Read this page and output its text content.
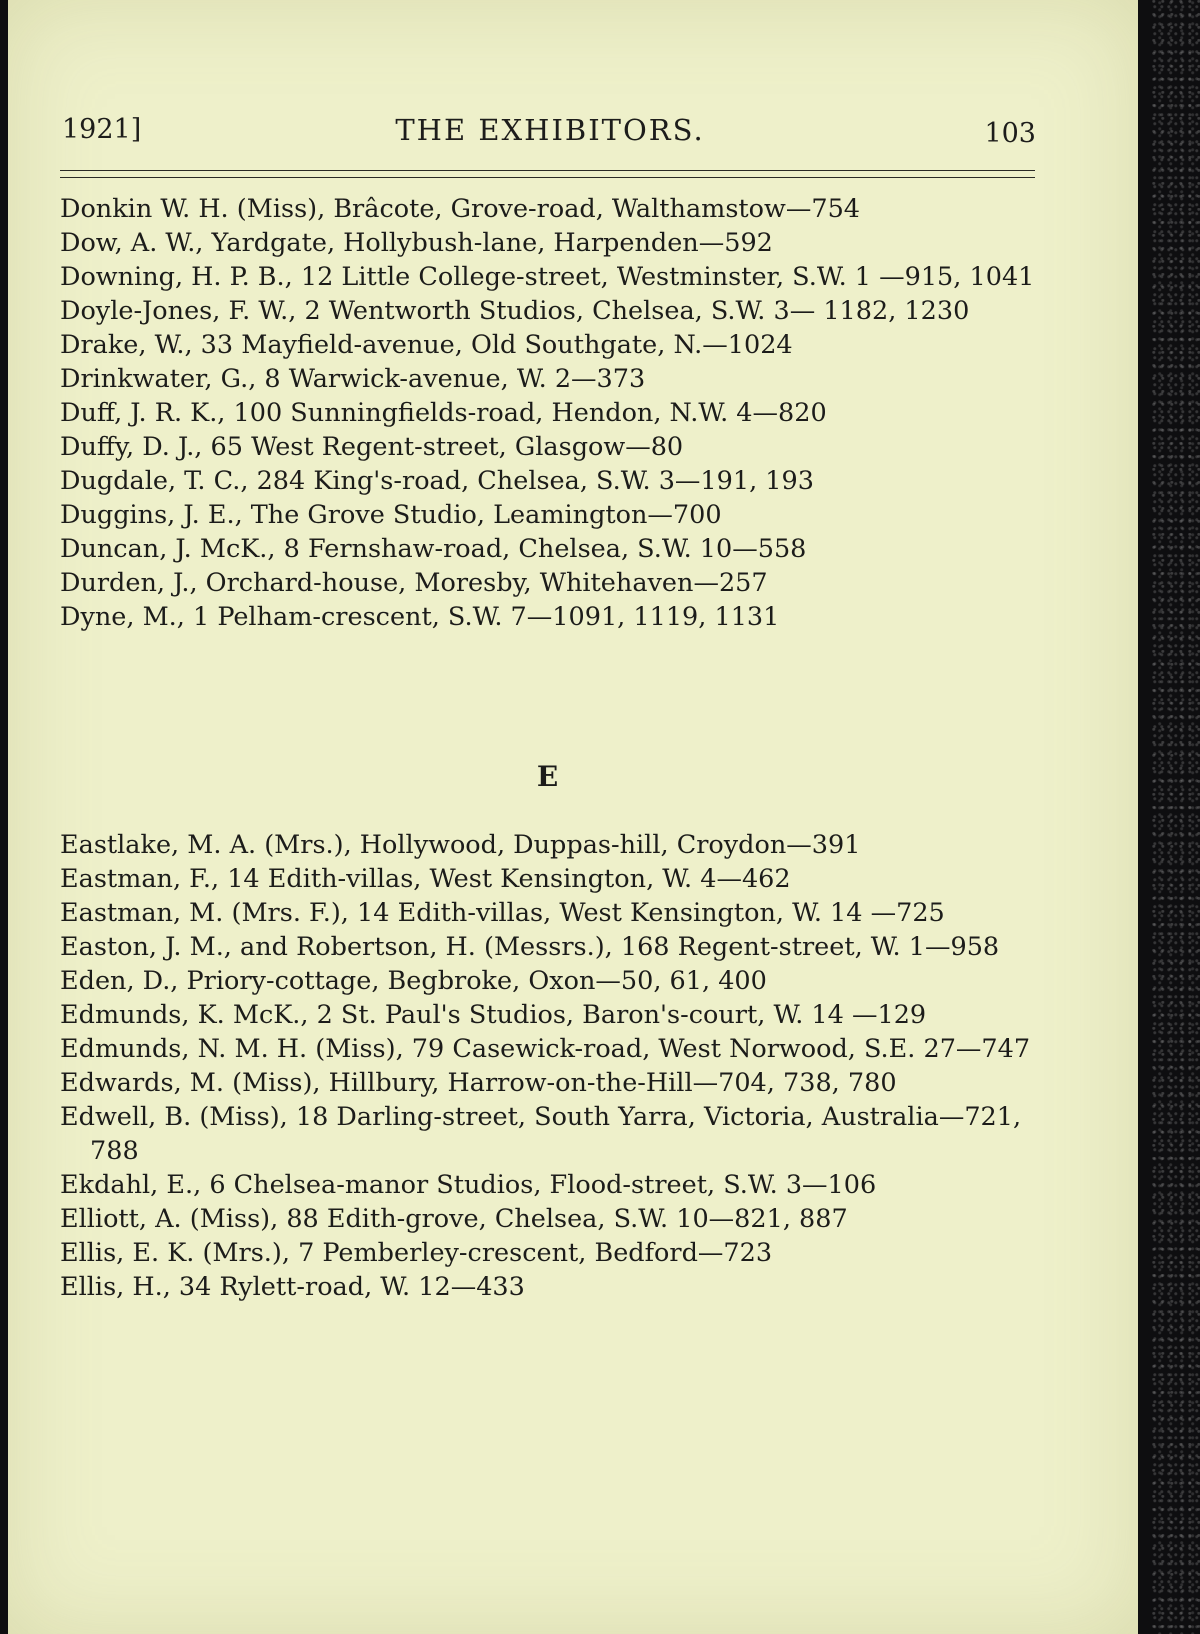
1921]	THE EXHIBITORS.	103
Donkin W. H. (Miss), Brâcote, Grove-road, Walthamstow—754
Dow, A. W., Yardgate, Hollybush-lane, Harpenden—592
Downing, H. P. B., 12 Little College-street, Westminster, S.W. 1 —915, 1041
Doyle-Jones, F. W., 2 Wentworth Studios, Chelsea, S.W. 3— 1182, 1230
Drake, W., 33 Mayfield-avenue, Old Southgate, N.—1024
Drinkwater, G., 8 Warwick-avenue, W. 2—373
Duff, J. R. K., 100 Sunningfields-road, Hendon, N.W. 4—820
Duffy, D. J., 65 West Regent-street, Glasgow—80
Dugdale, T. C., 284 King's-road, Chelsea, S.W. 3—191, 193
Duggins, J. E., The Grove Studio, Leamington—700
Duncan, J. McK., 8 Fernshaw-road, Chelsea, S.W. 10—558
Durden, J., Orchard-house, Moresby, Whitehaven—257
Dyne, M., 1 Pelham-crescent, S.W. 7—1091, 1119, 1131
E
Eastlake, M. A. (Mrs.), Hollywood, Duppas-hill, Croydon—391
Eastman, F., 14 Edith-villas, West Kensington, W. 4—462
Eastman, M. (Mrs. F.), 14 Edith-villas, West Kensington, W. 14 —725
Easton, J. M., and Robertson, H. (Messrs.), 168 Regent-street, W. 1—958
Eden, D., Priory-cottage, Begbroke, Oxon—50, 61, 400
Edmunds, K. McK., 2 St. Paul's Studios, Baron's-court, W. 14 —129
Edmunds, N. M. H. (Miss), 79 Casewick-road, West Norwood, S.E. 27—747
Edwards, M. (Miss), Hillbury, Harrow-on-the-Hill—704, 738, 780
Edwell, B. (Miss), 18 Darling-street, South Yarra, Victoria, Australia—721, 788
Ekdahl, E., 6 Chelsea-manor Studios, Flood-street, S.W. 3—106
Elliott, A. (Miss), 88 Edith-grove, Chelsea, S.W. 10—821, 887
Ellis, E. K. (Mrs.), 7 Pemberley-crescent, Bedford—723
Ellis, H., 34 Rylett-road, W. 12—433
